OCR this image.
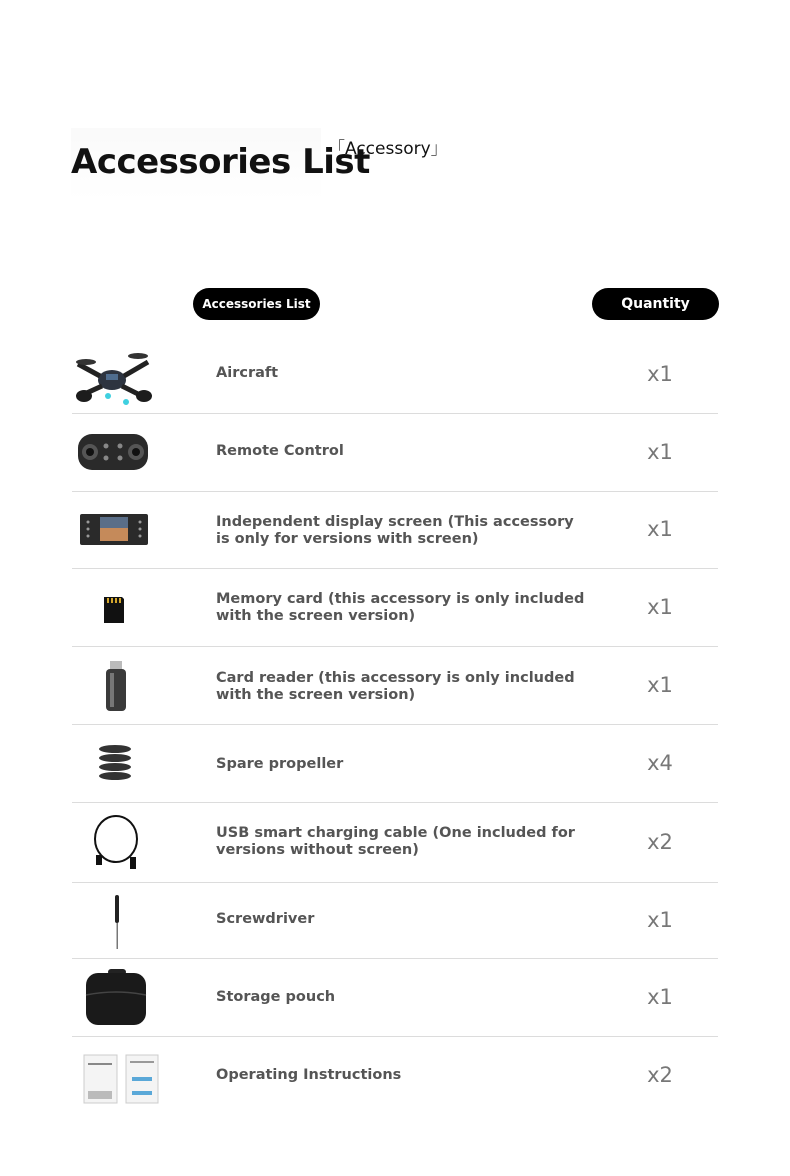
Accessories List
「Accessory」
Accessories List	Quantity
Aircraft	x1
Remote Control	x1
Independent display screen (This accessory is only for versions with screen)	x1
Memory card (this accessory is only included with the screen version)	x1
Card reader (this accessory is only included with the screen version)	x1
Spare propeller	x4
USB smart charging cable (One included for versions without screen)	x2
Screwdriver	x1
Storage pouch	x1
Operating Instructions	x2
